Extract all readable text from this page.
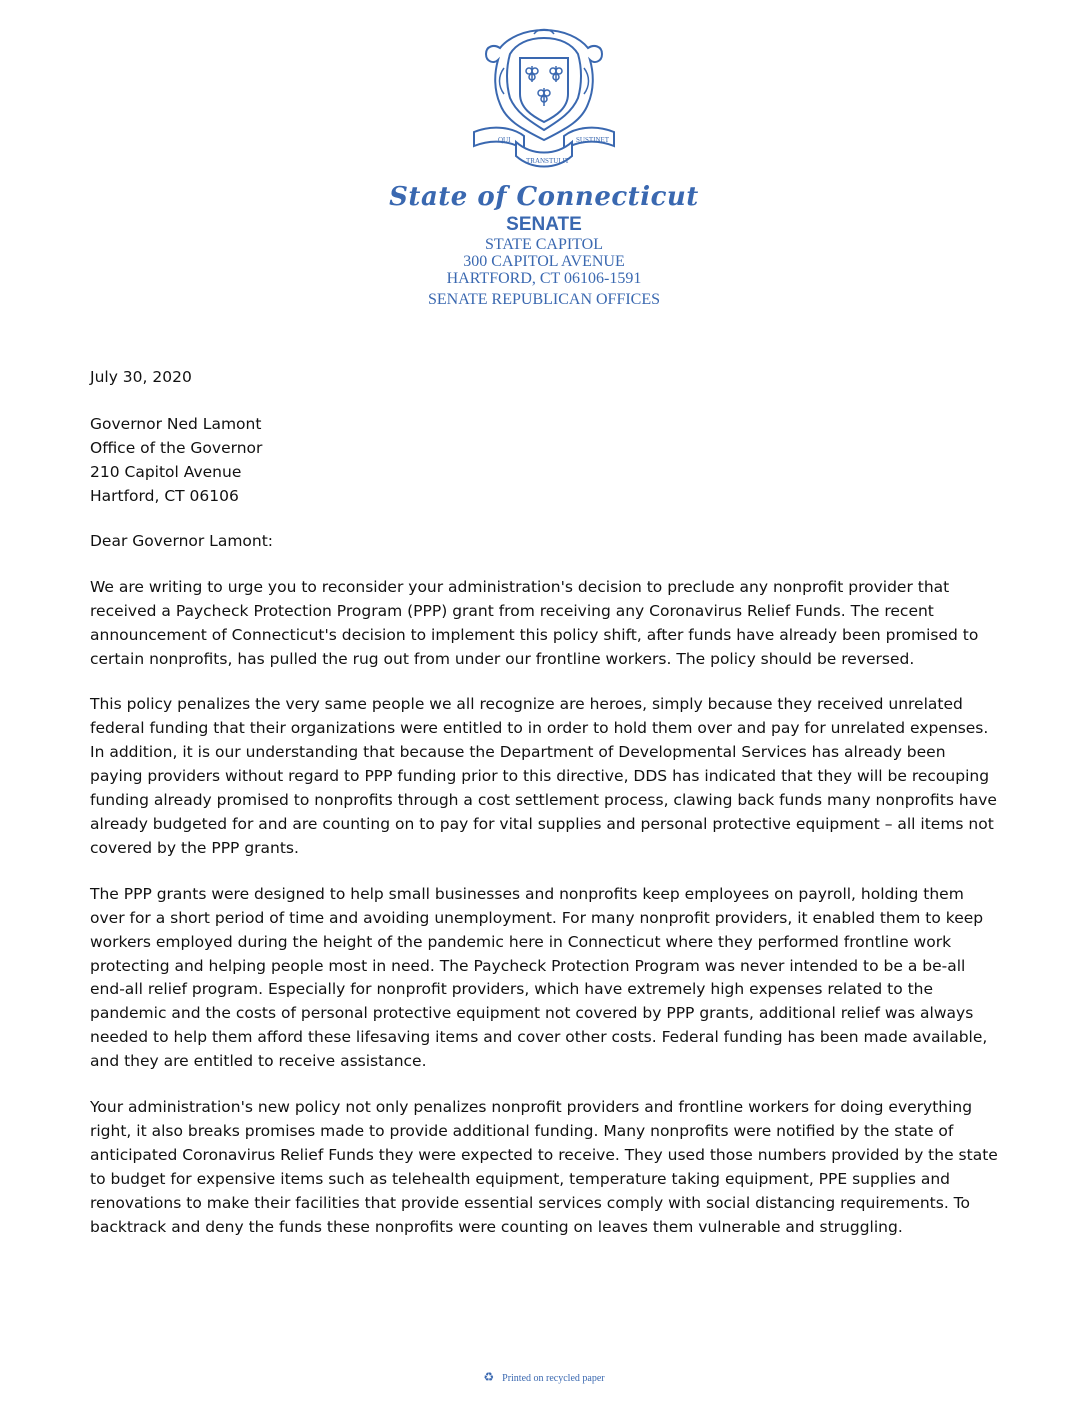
QUI
TRANSTULIT
SUSTINET
State of Connecticut
SENATE
STATE CAPITOL
300 CAPITOL AVENUE
HARTFORD, CT 06106-1591
SENATE REPUBLICAN OFFICES
July 30, 2020
Governor Ned Lamont
Office of the Governor
210 Capitol Avenue
Hartford, CT 06106
Dear Governor Lamont:

We are writing to urge you to reconsider your administration's decision to preclude any nonprofit provider that received a Paycheck Protection Program (PPP) grant from receiving any Coronavirus Relief Funds. The recent announcement of Connecticut's decision to implement this policy shift, after funds have already been promised to certain nonprofits, has pulled the rug out from under our frontline workers. The policy should be reversed.

This policy penalizes the very same people we all recognize are heroes, simply because they received unrelated federal funding that their organizations were entitled to in order to hold them over and pay for unrelated expenses. In addition, it is our understanding that because the Department of Developmental Services has already been paying providers without regard to PPP funding prior to this directive, DDS has indicated that they will be recouping funding already promised to nonprofits through a cost settlement process, clawing back funds many nonprofits have already budgeted for and are counting on to pay for vital supplies and personal protective equipment – all items not covered by the PPP grants.

The PPP grants were designed to help small businesses and nonprofits keep employees on payroll, holding them over for a short period of time and avoiding unemployment. For many nonprofit providers, it enabled them to keep workers employed during the height of the pandemic here in Connecticut where they performed frontline work protecting and helping people most in need. The Paycheck Protection Program was never intended to be a be-all end-all relief program. Especially for nonprofit providers, which have extremely high expenses related to the pandemic and the costs of personal protective equipment not covered by PPP grants, additional relief was always needed to help them afford these lifesaving items and cover other costs. Federal funding has been made available, and they are entitled to receive assistance.

Your administration's new policy not only penalizes nonprofit providers and frontline workers for doing everything right, it also breaks promises made to provide additional funding. Many nonprofits were notified by the state of anticipated Coronavirus Relief Funds they were expected to receive. They used those numbers provided by the state to budget for expensive items such as telehealth equipment, temperature taking equipment, PPE supplies and renovations to make their facilities that provide essential services comply with social distancing requirements. To backtrack and deny the funds these nonprofits were counting on leaves them vulnerable and struggling.

♻ Printed on recycled paper
